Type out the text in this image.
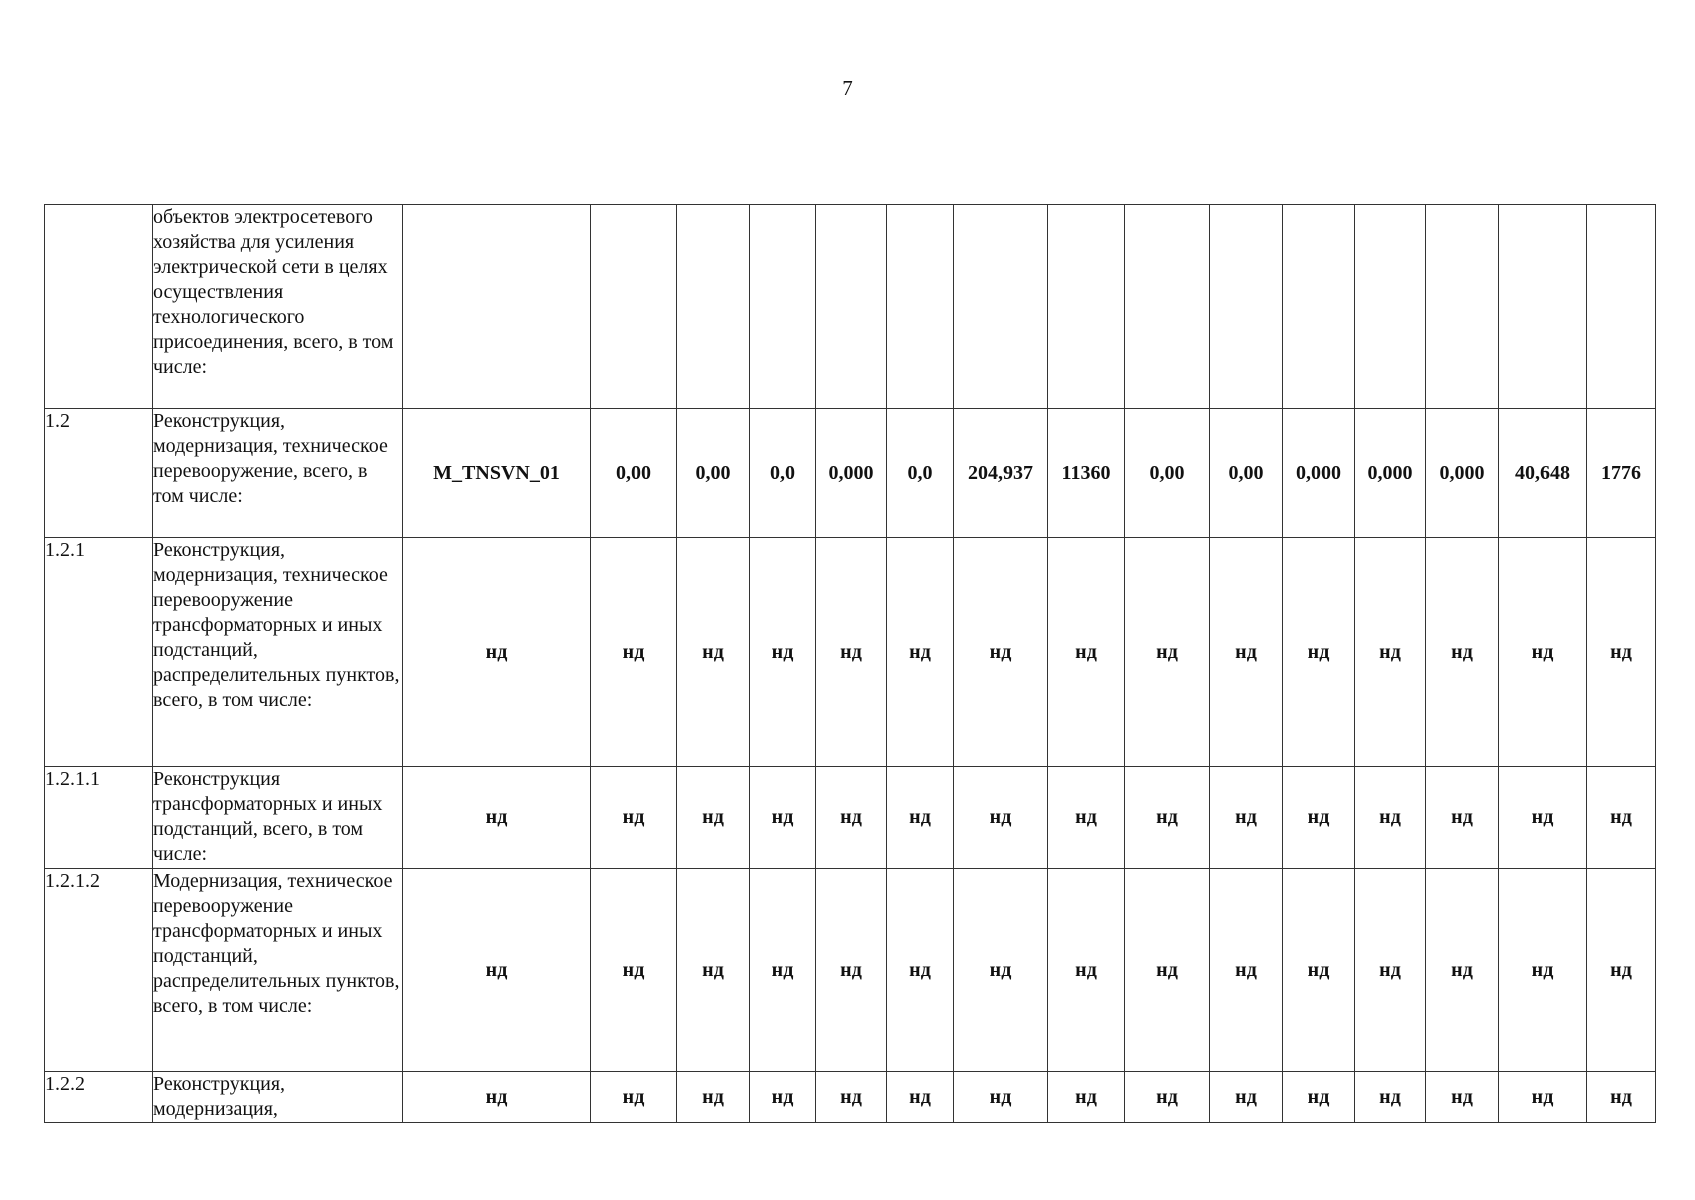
7
	объектов электросетевого хозяйства для усиления электрической сети в целях осуществления технологического присоединения, всего, в том числе:															
1.2	Реконструкция, модернизация, техническое перевооружение, всего, в том числе:	M_TNSVN_01	0,00	0,00	0,0	0,000	0,0	204,937	11360	0,00	0,00	0,000	0,000	0,000	40,648	1776
1.2.1	Реконструкция, модернизация, техническое перевооружение трансформаторных и иных подстанций, распределительных пунктов, всего, в том числе:	нд	нд	нд	нд	нд	нд	нд	нд	нд	нд	нд	нд	нд	нд	нд
1.2.1.1	Реконструкция трансформаторных и иных подстанций, всего, в том числе:	нд	нд	нд	нд	нд	нд	нд	нд	нд	нд	нд	нд	нд	нд	нд
1.2.1.2	Модернизация, техническое перевооружение трансформаторных и иных подстанций, распределительных пунктов, всего, в том числе:	нд	нд	нд	нд	нд	нд	нд	нд	нд	нд	нд	нд	нд	нд	нд
1.2.2	Реконструкция, модернизация,	нд	нд	нд	нд	нд	нд	нд	нд	нд	нд	нд	нд	нд	нд	нд
